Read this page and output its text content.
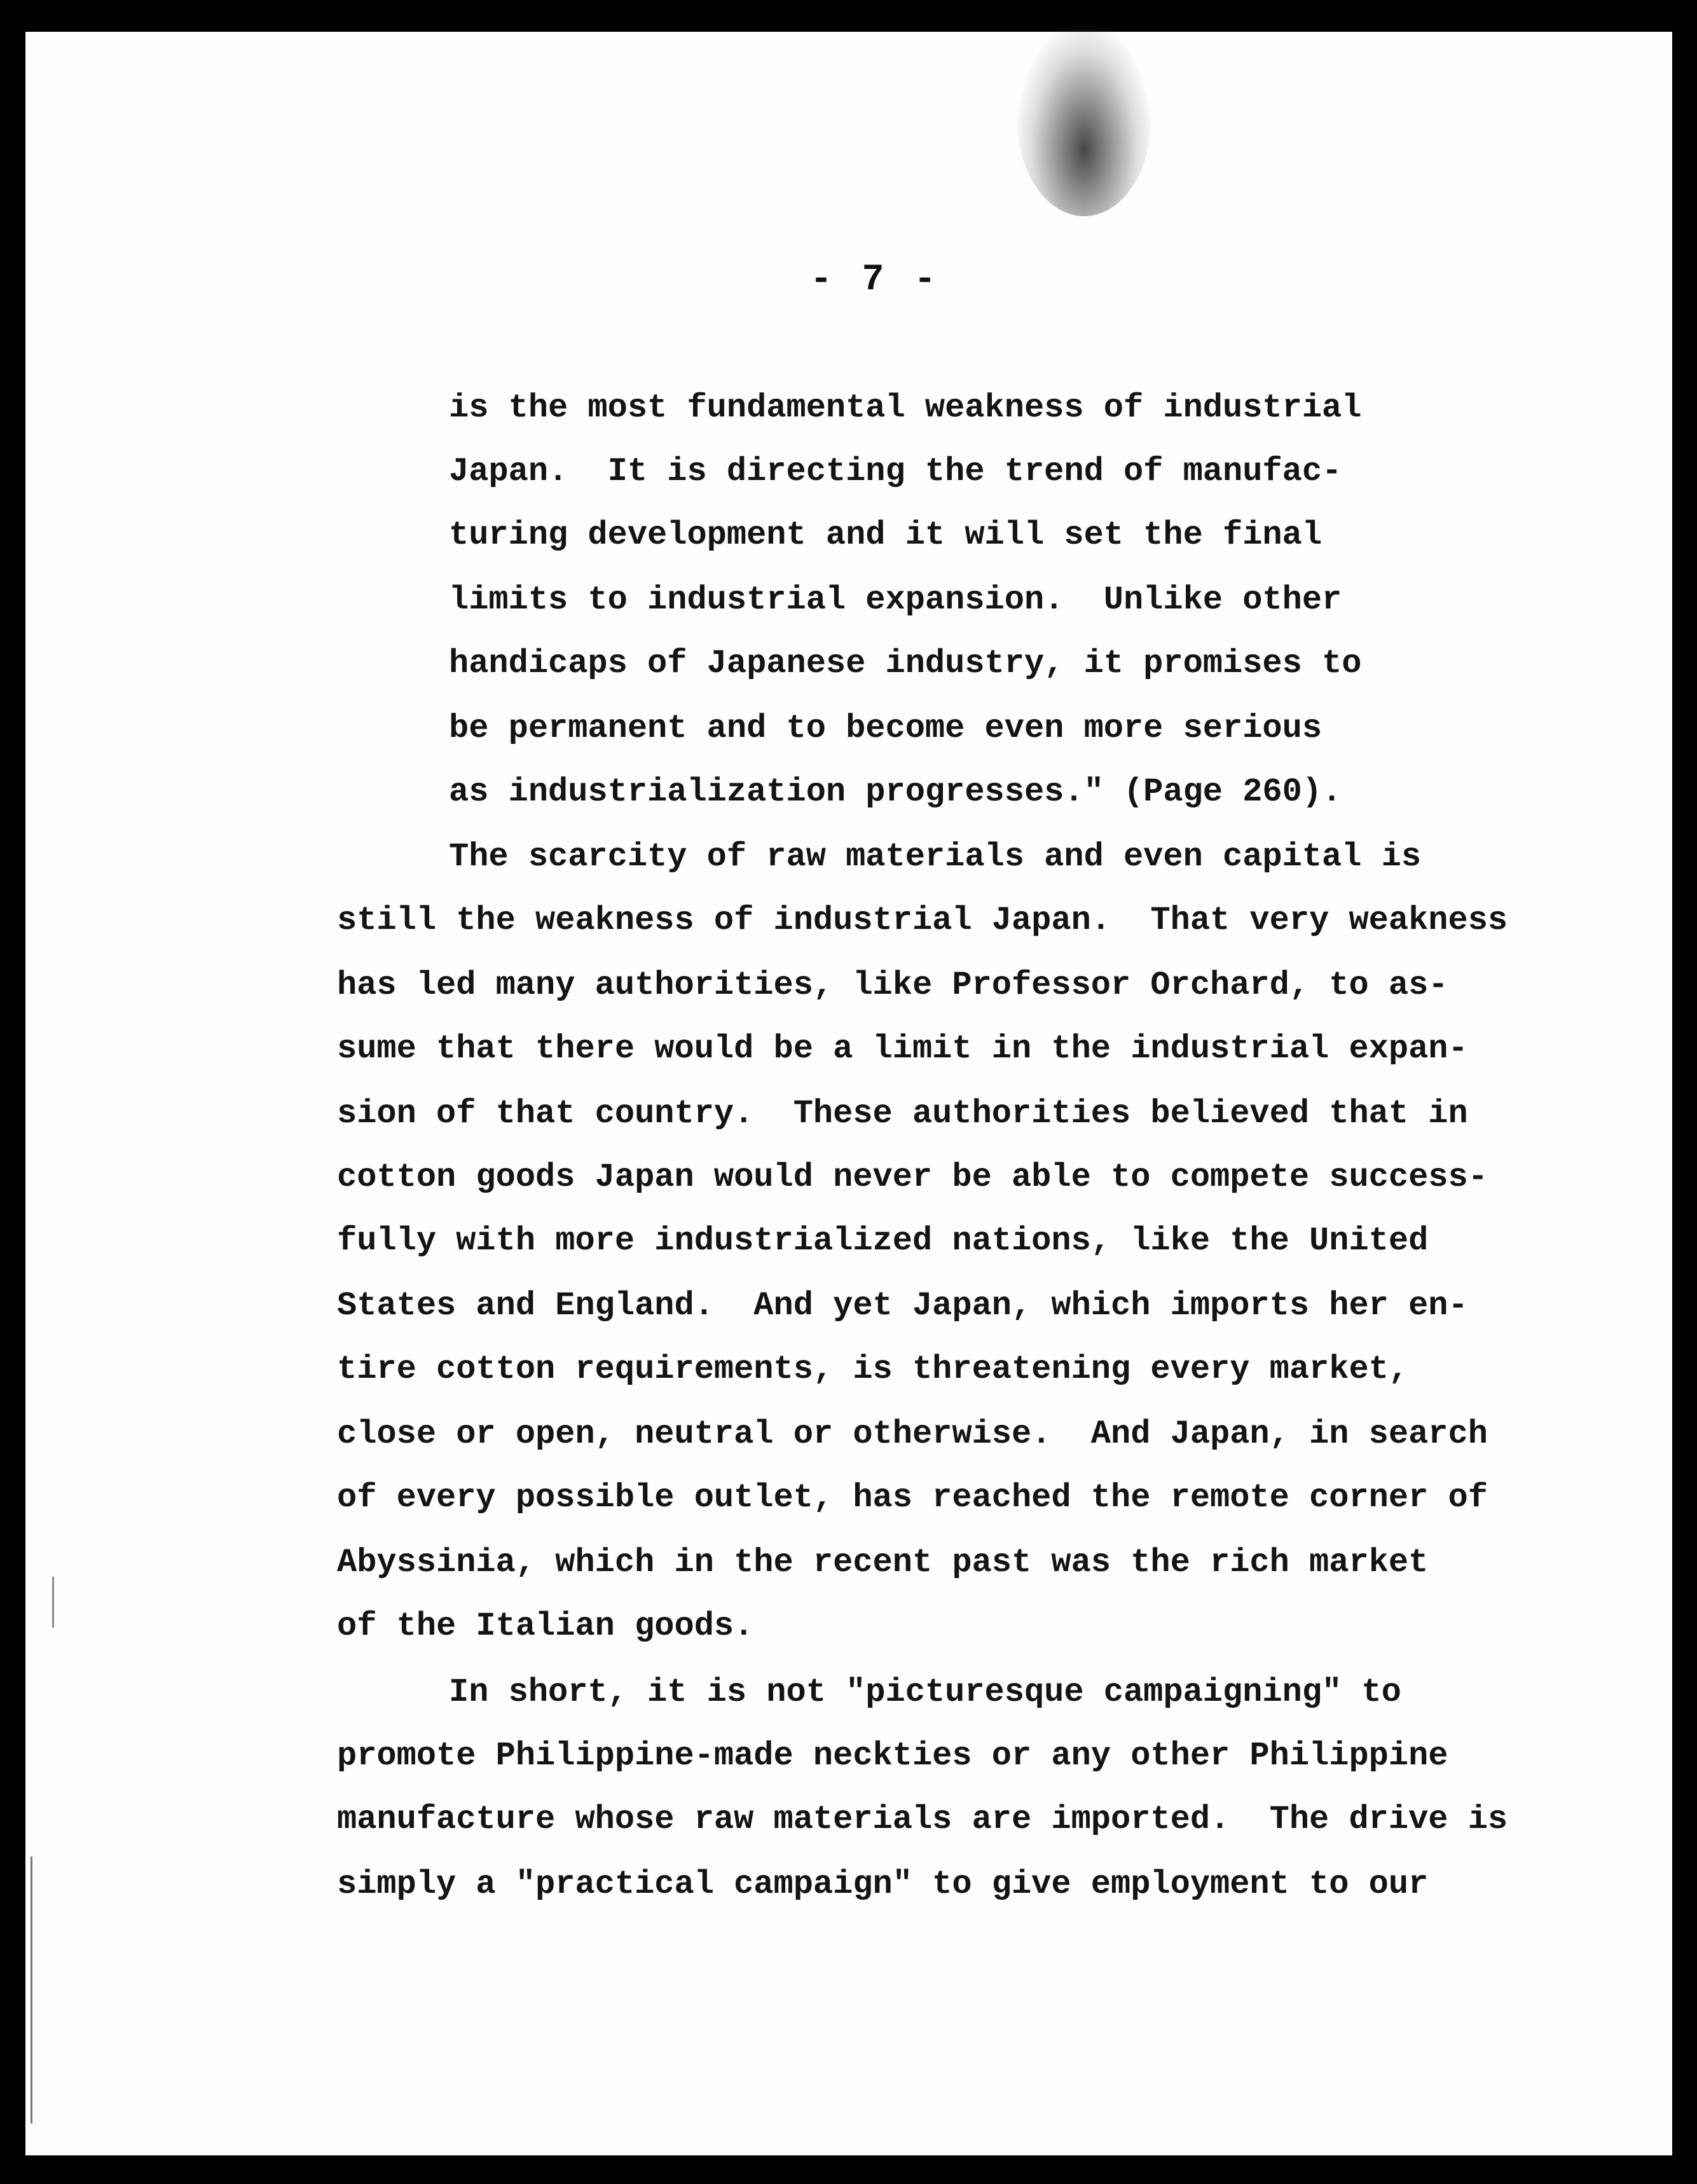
- 7 -
is the most fundamental weakness of industrial
Japan.  It is directing the trend of manufac-
turing development and it will set the final
limits to industrial expansion.  Unlike other
handicaps of Japanese industry, it promises to
be permanent and to become even more serious
as industrialization progresses." (Page 260).
The scarcity of raw materials and even capital is
still the weakness of industrial Japan.  That very weakness
has led many authorities, like Professor Orchard, to as-
sume that there would be a limit in the industrial expan-
sion of that country.  These authorities believed that in
cotton goods Japan would never be able to compete success-
fully with more industrialized nations, like the United
States and England.  And yet Japan, which imports her en-
tire cotton requirements, is threatening every market,
close or open, neutral or otherwise.  And Japan, in search
of every possible outlet, has reached the remote corner of
Abyssinia, which in the recent past was the rich market
of the Italian goods.
In short, it is not "picturesque campaigning" to
promote Philippine-made neckties or any other Philippine
manufacture whose raw materials are imported.  The drive is
simply a "practical campaign" to give employment to our
